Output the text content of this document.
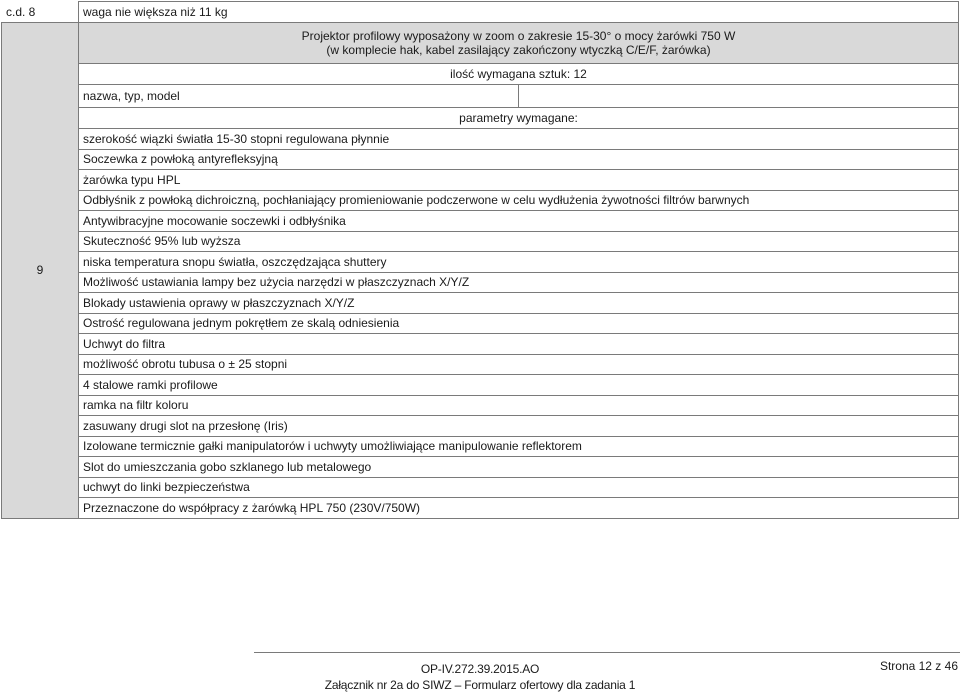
c.d. 8	waga nie większa niż 11 kg	
9	Projektor profilowy wyposażony w zoom o zakresie 15-30° o mocy żarówki 750 W
(w komplecie hak, kabel zasilający zakończony wtyczką C/E/F, żarówka)	
	ilość wymagana sztuk: 12	
	nazwa, typ, model	
	parametry wymagane:	
	szerokość wiązki światła 15-30 stopni regulowana płynnie	
	Soczewka z powłoką antyrefleksyjną	
	żarówka typu HPL	
	Odbłyśnik z powłoką dichroiczną, pochłaniający promieniowanie podczerwone w celu wydłużenia żywotności filtrów barwnych	
	Antywibracyjne mocowanie soczewki i odbłyśnika	
	Skuteczność 95% lub wyższa	
	niska temperatura snopu światła, oszczędzająca shuttery	
	Możliwość ustawiania lampy bez użycia narzędzi w płaszczyznach X/Y/Z	
	Blokady ustawienia oprawy w płaszczyznach X/Y/Z	
	Ostrość regulowana jednym pokrętłem ze skalą odniesienia	
	Uchwyt do filtra	
	możliwość obrotu tubusa o ± 25 stopni	
	4 stalowe ramki profilowe	
	ramka na filtr koloru	
	zasuwany drugi slot na przesłonę (Iris)	
	Izolowane termicznie gałki manipulatorów i uchwyty umożliwiające manipulowanie reflektorem	
	Slot do umieszczania gobo szklanego lub metalowego	
	uchwyt do linki bezpieczeństwa	
	Przeznaczone do współpracy z żarówką HPL 750 (230V/750W)	
OP-IV.272.39.2015.AO
Załącznik nr 2a do SIWZ – Formularz ofertowy dla zadania 1
Strona 12 z 46
